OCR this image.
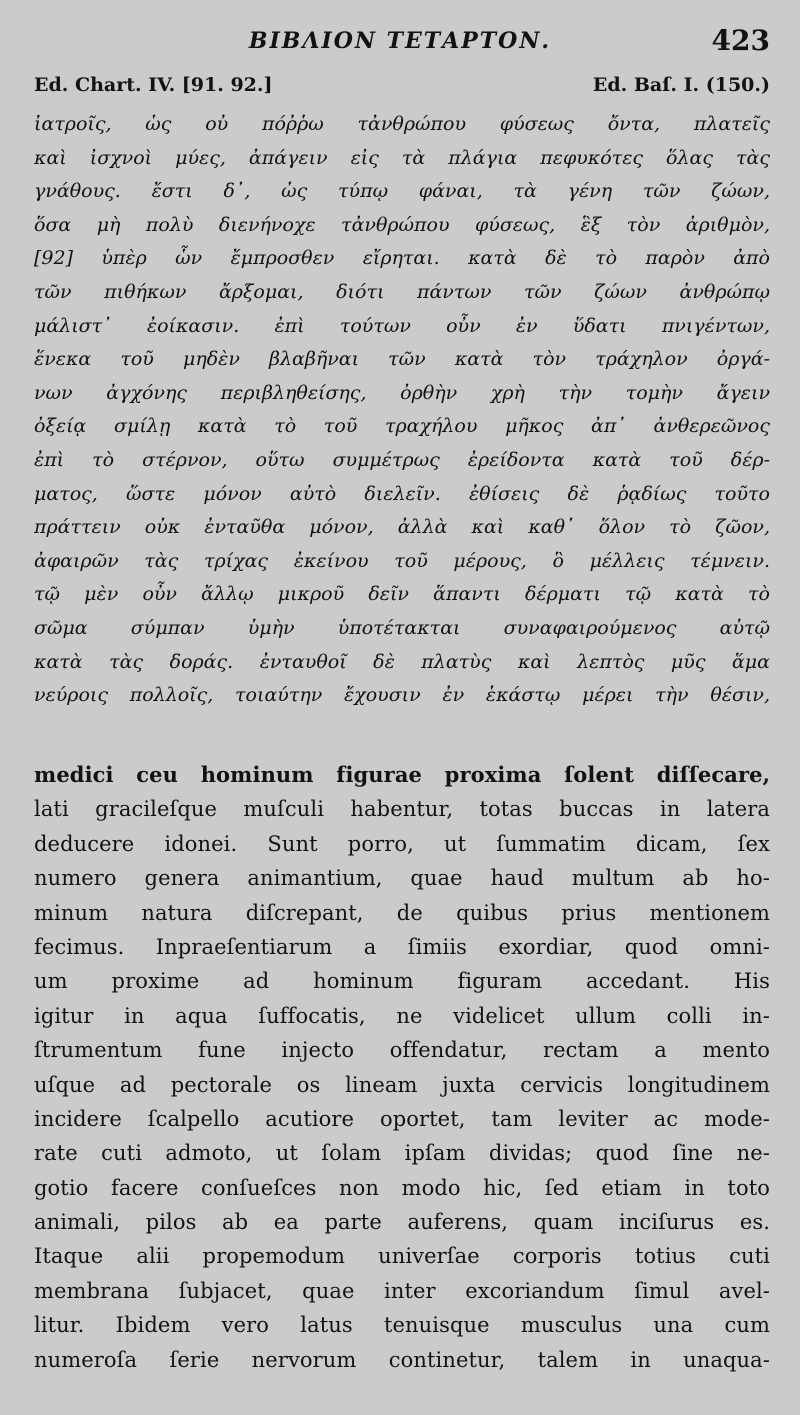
BIBΛΙΟΝ ΤΕΤΑΡΤΟΝ.	423
Ed. Chart. IV. [91. 92.]	Ed. Baſ. I. (150.)
ἰατροῖς, ὡς οὐ πόῤῥω τἀνθρώπου φύσεως ὄντα, πλατεῖς
καὶ ἰσχνοὶ μύες, ἀπάγειν εἰς τὰ πλάγια πεφυκότες ὅλας τὰς
γνάθους. ἔστι δ᾽, ὡς τύπῳ φάναι, τὰ γένη τῶν ζώων,
ὅσα μὴ πολὺ διενήνοχε τἀνθρώπου φύσεως, ἓξ τὸν ἀριθμὸν,
[92] ὑπὲρ ὧν ἔμπροσθεν εἴρηται. κατὰ δὲ τὸ παρὸν ἀπὸ
τῶν πιθήκων ἄρξομαι, διότι πάντων τῶν ζώων ἀνθρώπῳ
μάλιστ᾽ ἐοίκασιν. ἐπὶ τούτων οὖν ἐν ὕδατι πνιγέντων,
ἕνεκα τοῦ μηδὲν βλαβῆναι τῶν κατὰ τὸν τράχηλον ὀργά-
νων ἀγχόνης περιβληθείσης, ὀρθὴν χρὴ τὴν τομὴν ἄγειν
ὀξείᾳ σμίλῃ κατὰ τὸ τοῦ τραχήλου μῆκος ἀπ᾽ ἀνθερεῶνος
ἐπὶ τὸ στέρνον, οὕτω συμμέτρως ἐρείδοντα κατὰ τοῦ δέρ-
ματος, ὥστε μόνον αὐτὸ διελεῖν. ἐθίσεις δὲ ῥᾳδίως τοῦτο
πράττειν οὐκ ἐνταῦθα μόνον, ἀλλὰ καὶ καθ᾽ ὅλον τὸ ζῶον,
ἀφαιρῶν τὰς τρίχας ἐκείνου τοῦ μέρους, ὃ μέλλεις τέμνειν.
τῷ μὲν οὖν ἄλλῳ μικροῦ δεῖν ἅπαντι δέρματι τῷ κατὰ τὸ
σῶμα σύμπαν ὑμὴν ὑποτέτακται συναφαιρούμενος αὐτῷ
κατὰ τὰς δοράς. ἐνταυθοῖ δὲ πλατὺς καὶ λεπτὸς μῦς ἅμα
νεύροις πολλοῖς, τοιαύτην ἔχουσιν ἐν ἑκάστῳ μέρει τὴν θέσιν,
medici ceu hominum figurae proxima ſolent diſſecare,
lati gracileſque muſculi habentur, totas buccas in latera
deducere idonei. Sunt porro, ut ſummatim dicam, ſex
numero genera animantium, quae haud multum ab ho-
minum natura diſcrepant, de quibus prius mentionem
fecimus. Inpraeſentiarum a ſimiis exordiar, quod omni-
um proxime ad hominum figuram accedant. His
igitur in aqua ſuffocatis, ne videlicet ullum colli in-
ſtrumentum fune injecto offendatur, rectam a mento
uſque ad pectorale os lineam juxta cervicis longitudinem
incidere ſcalpello acutiore oportet, tam leviter ac mode-
rate cuti admoto, ut ſolam ipſam dividas; quod ſine ne-
gotio facere conſueſces non modo hic, ſed etiam in toto
animali, pilos ab ea parte auferens, quam inciſurus es.
Itaque alii propemodum univerſae corporis totius cuti
membrana ſubjacet, quae inter excoriandum ſimul avel-
litur. Ibidem vero latus tenuisque musculus una cum
numeroſa ſerie nervorum continetur, talem in unaqua-
